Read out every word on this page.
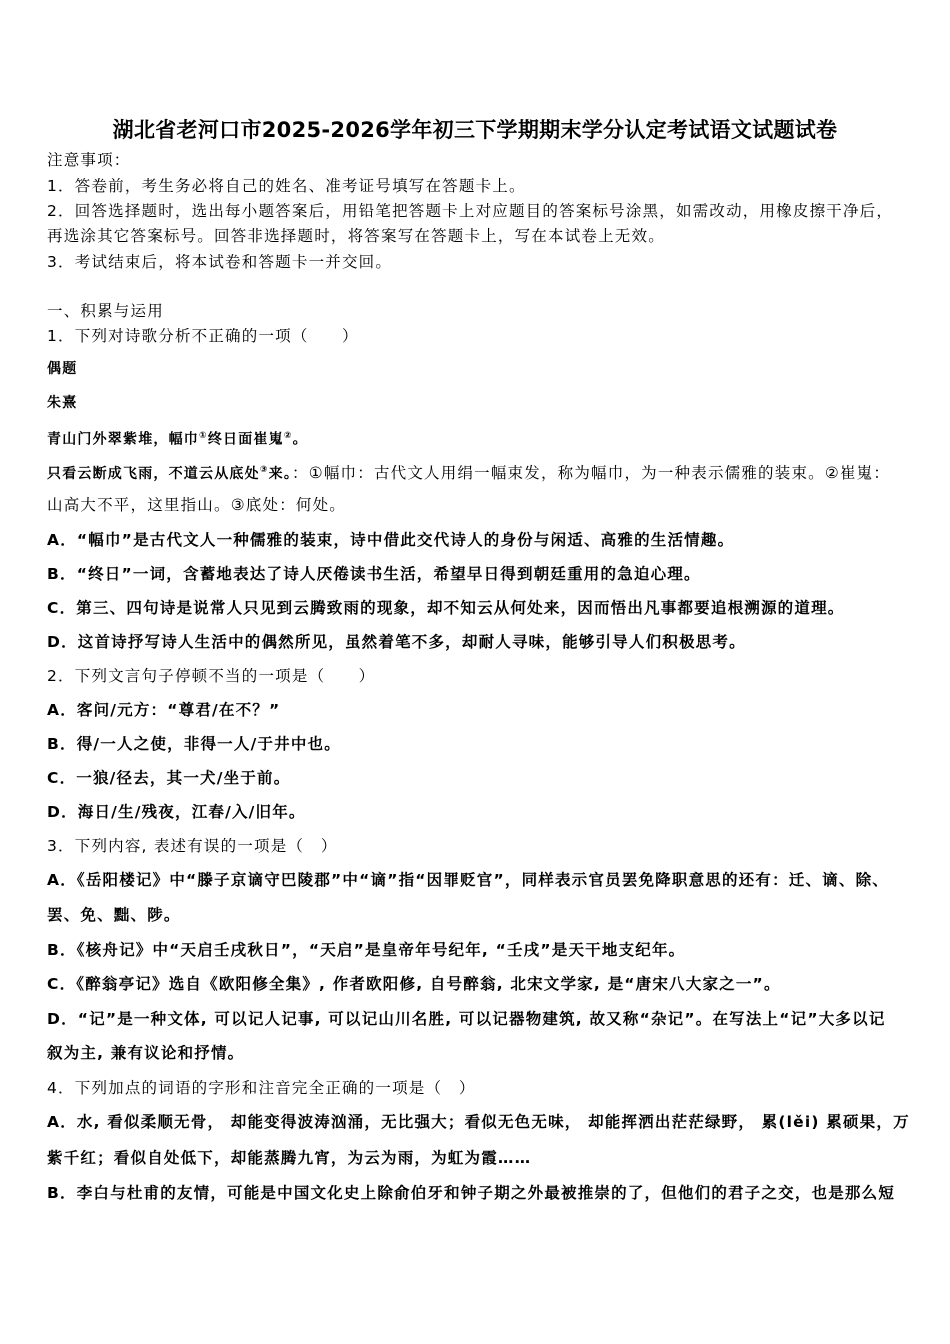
湖北省老河口市2025-2026学年初三下学期期末学分认定考试语文试题试卷
注意事项：
1．答卷前，考生务必将自己的姓名、准考证号填写在答题卡上。
2．回答选择题时，选出每小题答案后，用铅笔把答题卡上对应题目的答案标号涂黑，如需改动，用橡皮擦干净后，
再选涂其它答案标号。回答非选择题时，将答案写在答题卡上，写在本试卷上无效。
3．考试结束后，将本试卷和答题卡一并交回。
一、积累与运用
1．下列对诗歌分析不正确的一项（　　）
偶题
朱熹
青山门外翠紫堆，幅巾①终日面崔嵬②。
只看云断成飞雨，不道云从底处③来。：①幅巾：古代文人用绢一幅束发，称为幅巾，为一种表示儒雅的装束。②崔嵬：
山高大不平，这里指山。③底处：何处。
A．“幅巾”是古代文人一种儒雅的装束，诗中借此交代诗人的身份与闲适、高雅的生活情趣。
B．“终日”一词，含蓄地表达了诗人厌倦读书生活，希望早日得到朝廷重用的急迫心理。
C．第三、四句诗是说常人只见到云腾致雨的现象，却不知云从何处来，因而悟出凡事都要追根溯源的道理。
D．这首诗抒写诗人生活中的偶然所见，虽然着笔不多，却耐人寻味，能够引导人们积极思考。
2．下列文言句子停顿不当的一项是（　　）
A．客问/元方：“尊君/在不？”
B．得/一人之使，非得一人/于井中也。
C．一狼/径去，其一犬/坐于前。
D．海日/生/残夜，江春/入/旧年。
3．下列内容, 表述有误的一项是（　）
A．《岳阳楼记》中“滕子京谪守巴陵郡”中“谪”指“因罪贬官”，同样表示官员罢免降职意思的还有：迁、谪、除、
罢、免、黜、陟。
B．《核舟记》中“天启壬戌秋日”，“天启”是皇帝年号纪年, “壬戌”是天干地支纪年。
C．《醉翁亭记》选自《欧阳修全集》, 作者欧阳修, 自号醉翁, 北宋文学家, 是“唐宋八大家之一”。
D．“记”是一种文体, 可以记人记事, 可以记山川名胜, 可以记器物建筑, 故又称“杂记”。在写法上“记”大多以记
叙为主, 兼有议论和抒情。
4．下列加点的词语的字形和注音完全正确的一项是（　）
A．水, 看似柔顺无骨， 却能变得波涛汹涌，无比强大；看似无色无味， 却能挥洒出茫茫绿野， 累(lěi) 累硕果，万
紫千红；看似自处低下，却能蒸腾九宵，为云为雨，为虹为霞……
B．李白与杜甫的友情，可能是中国文化史上除俞伯牙和钟子期之外最被推崇的了，但他们的君子之交，也是那么短
